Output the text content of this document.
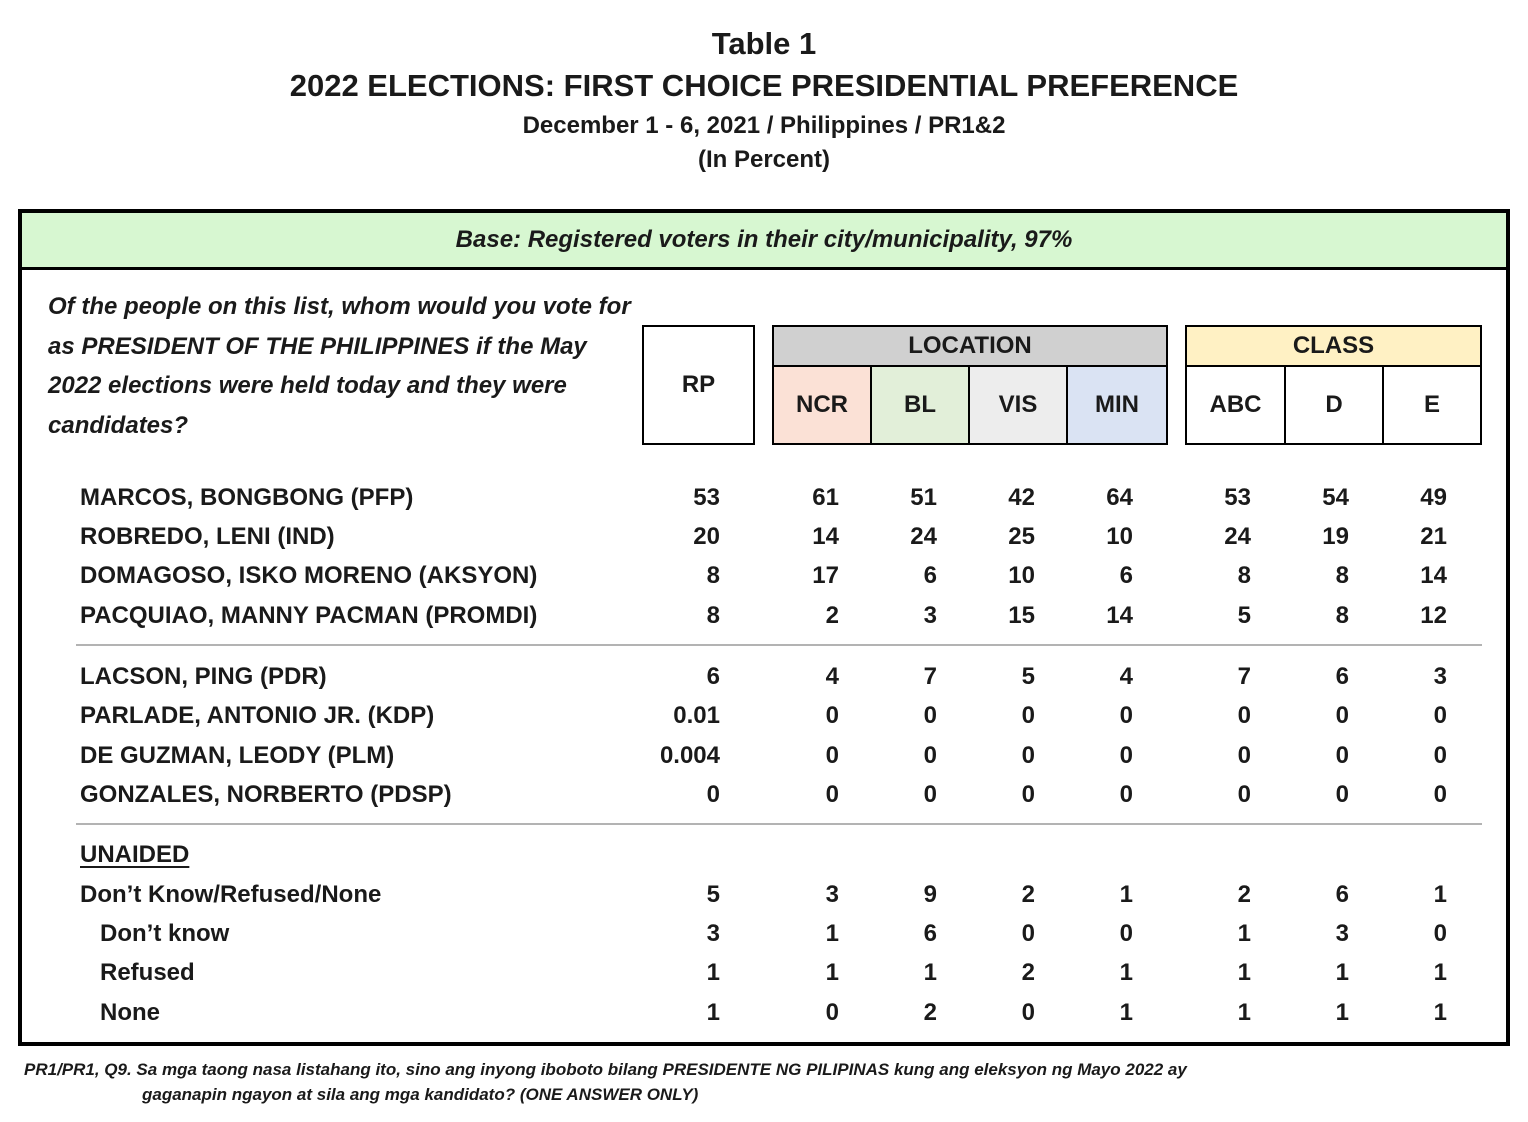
Table 1
2022 ELECTIONS: FIRST CHOICE PRESIDENTIAL PREFERENCE
December 1 - 6, 2021 / Philippines / PR1&2
(In Percent)
Base: Registered voters in their city/municipality, 97%
Of the people on this list, whom would you vote for as PRESIDENT OF THE PHILIPPINES if the May 2022 elections were held today and they were candidates?
RP
LOCATION
NCR BL	VIS MIN
CLASS
ABC	D	E
MARCOS, BONGBONG (PFP)	53	61	51	42	64	53	54	49
ROBREDO, LENI (IND)	20	14	24	25	10	24	19	21
DOMAGOSO, ISKO MORENO (AKSYON)	8	17	6	10	6	8	8	14
PACQUIAO, MANNY PACMAN (PROMDI)	8	2	3	15	14	5	8	12
LACSON, PING (PDR)	6	4	7	5	4	7	6	3
PARLADE, ANTONIO JR. (KDP)	0.01	0	0	0	0	0	0	0
DE GUZMAN, LEODY (PLM)	0.004	0	0	0	0	0	0	0
GONZALES, NORBERTO (PDSP)	0	0	0	0	0	0	0	0
UNAIDED
Don’t Know/Refused/None	5	3	9	2	1	2	6	1
Don’t know	3	1	6	0	0	1	3	0
Refused	1	1	1	2	1	1	1	1
None	1	0	2	0	1	1	1	1
PR1/PR1, Q9. Sa mga taong nasa listahang ito, sino ang inyong iboboto bilang PRESIDENTE NG PILIPINAS kung ang eleksyon ng Mayo 2022 ay
gaganapin ngayon at sila ang mga kandidato? (ONE ANSWER ONLY)
